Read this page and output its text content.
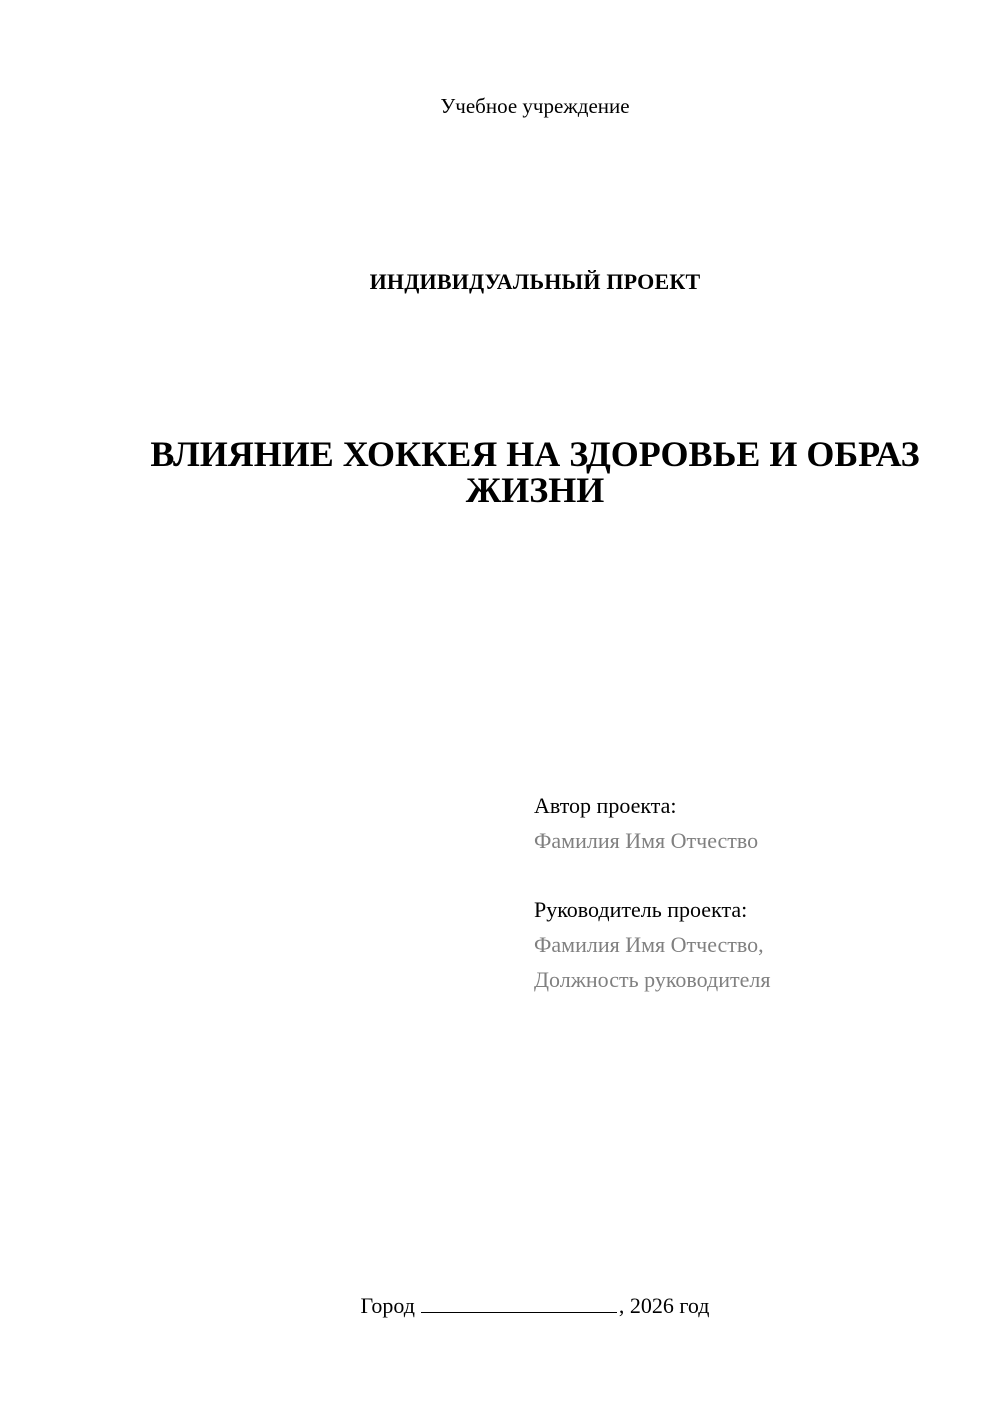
Учебное учреждение
ИНДИВИДУАЛЬНЫЙ ПРОЕКТ
ВЛИЯНИЕ ХОККЕЯ НА ЗДОРОВЬЕ И ОБРАЗ ЖИЗНИ
Автор проекта:
Фамилия Имя Отчество
Руководитель проекта:
Фамилия Имя Отчество,
Должность руководителя
Город	, 2026 год
